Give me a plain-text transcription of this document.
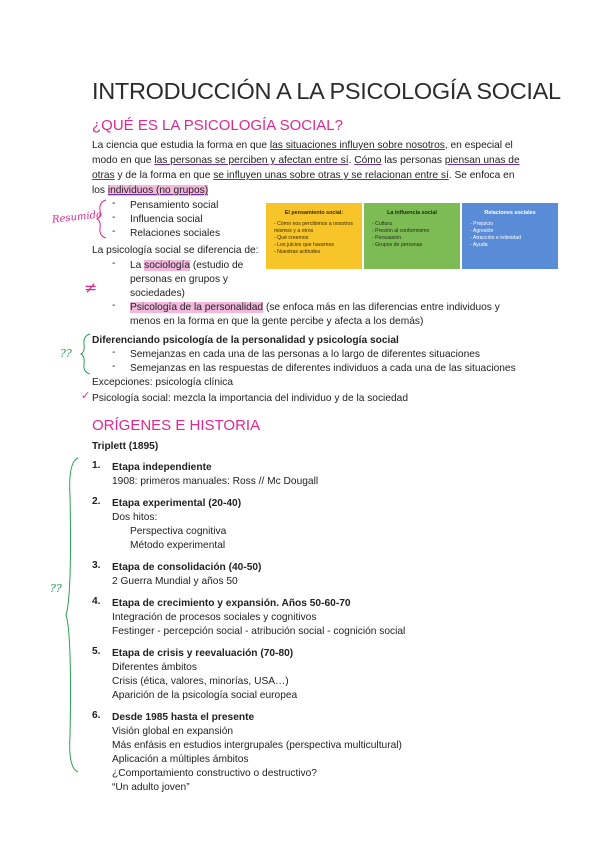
INTRODUCCIÓN A LA PSICOLOGÍA SOCIAL
¿QUÉ ES LA PSICOLOGÍA SOCIAL?
La ciencia que estudia la forma en que las situaciones influyen sobre nosotros, en especial el
modo en que las personas se perciben y afectan entre sí. Cómo las personas piensan unas de
otras y de la forma en que se influyen unas sobre otras y se relacionan entre sí. Se enfoca en
los individuos (no grupos)
Resumido
- Pensamiento social
- Influencia social
- Relaciones sociales
El pensamiento social:
- Cómo nos percibimos a nosotros mismos y a otros
- Qué creemos
- Los juicios que hacemos
- Nuestras actitudes
La influencia social
- Cultura
- Presión al conformismo
- Persuasión
- Grupos de personas
Relaciones sociales
- Prejuicio
- Agresión
- Atracción e intimidad
- Ayuda
La psicología social se diferencia de:
- La sociología (estudio de
personas en grupos y
sociedades)
≠
- Psicología de la personalidad (se enfoca más en las diferencias entre individuos y
menos en la forma en que la gente percibe y afecta a los demás)
??
Diferenciando psicología de la personalidad y psicología social
- Semejanzas en cada una de las personas a lo largo de diferentes situaciones
- Semejanzas en las respuestas de diferentes individuos a cada una de las situaciones
Excepciones: psicología clínica
✓ Psicología social: mezcla la importancia del individuo y de la sociedad
ORÍGENES E HISTORIA
Triplett (1895)
??
1. Etapa independiente
1908: primeros manuales: Ross // Mc Dougall
2. Etapa experimental (20-40)
Dos hitos:
Perspectiva cognitiva
Método experimental
3. Etapa de consolidación (40-50)
2 Guerra Mundial y años 50
4. Etapa de crecimiento y expansión. Años 50-60-70
Integración de procesos sociales y cognitivos
Festinger - percepción social - atribución social - cognición social
5. Etapa de crisis y reevaluación (70-80)
Diferentes ámbitos
Crisis (ética, valores, minorías, USA…)
Aparición de la psicología social europea
6. Desde 1985 hasta el presente
Visión global en expansión
Más enfásis en estudios intergrupales (perspectiva multicultural)
Aplicación a múltiples ámbitos
¿Comportamiento constructivo o destructivo?
“Un adulto joven”
